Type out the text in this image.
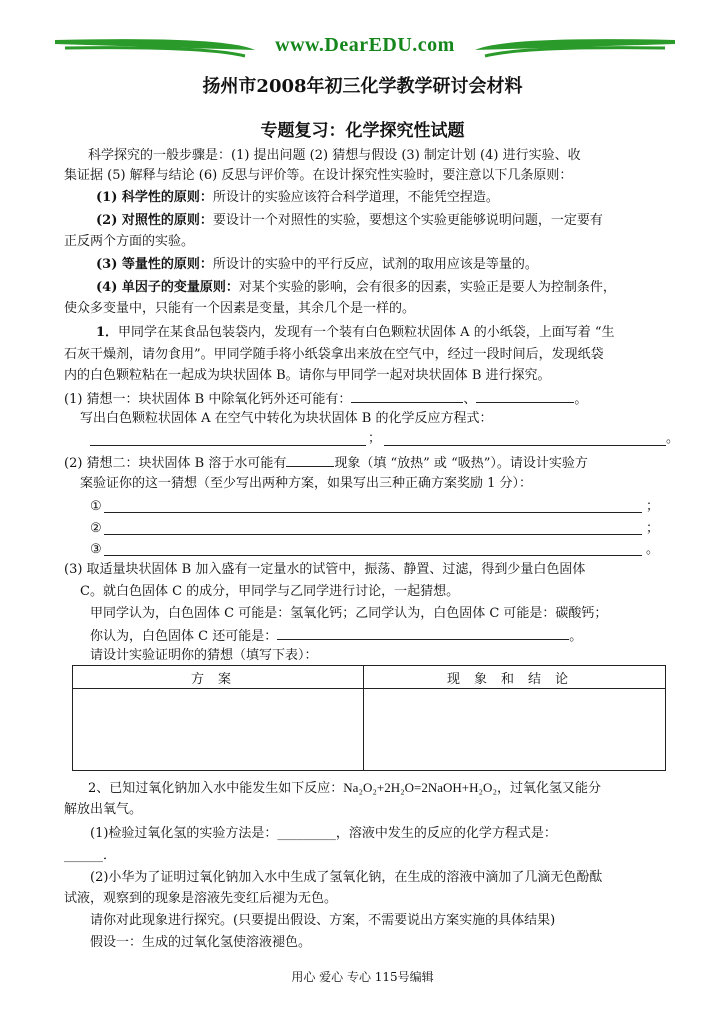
www.DearEDU.com
扬州市2008年初三化学教学研讨会材料
专题复习：化学探究性试题
科学探究的一般步骤是：(1) 提出问题 (2) 猜想与假设 (3) 制定计划 (4) 进行实验、收
集证据 (5) 解释与结论 (6) 反思与评价等。在设计探究性实验时，要注意以下几条原则：
(1) 科学性的原则：所设计的实验应该符合科学道理，不能凭空捏造。
(2) 对照性的原则：要设计一个对照性的实验，要想这个实验更能够说明问题，一定要有
正反两个方面的实验。
(3) 等量性的原则：所设计的实验中的平行反应，试剂的取用应该是等量的。
(4) 单因子的变量原则：对某个实验的影响，会有很多的因素，实验正是要人为控制条件，
使众多变量中，只能有一个因素是变量，其余几个是一样的。
1．甲同学在某食品包装袋内，发现有一个装有白色颗粒状固体 A 的小纸袋，上面写着 “生
石灰干燥剂，请勿食用”。甲同学随手将小纸袋拿出来放在空气中，经过一段时间后，发现纸袋
内的白色颗粒粘在一起成为块状固体 B。请你与甲同学一起对块状固体 B 进行探究。
(1) 猜想一：块状固体 B 中除氧化钙外还可能有：	、	。
写出白色颗粒状固体 A 在空气中转化为块状固体 B 的化学反应方程式：
；	。
(2) 猜想二：块状固体 B 溶于水可能有	现象（填 “放热” 或 “吸热”）。请设计实验方
案验证你的这一猜想（至少写出两种方案，如果写出三种正确方案奖励 1 分）：
①	；
②	；
③	。
(3) 取适量块状固体 B 加入盛有一定量水的试管中，振荡、静置、过滤，得到少量白色固体
C。就白色固体 C 的成分，甲同学与乙同学进行讨论，一起猜想。
甲同学认为，白色固体 C 可能是：氢氧化钙；乙同学认为，白色固体 C 可能是：碳酸钙；
你认为，白色固体 C 还可能是：	。
请设计实验证明你的猜想（填写下表）：
方案	现象和结论

2、已知过氧化钠加入水中能发生如下反应：Na₂O₂+2H₂O=2NaOH+H₂O₂，过氧化氢又能分
解放出氧气。
(1)检验过氧化氢的实验方法是：_________，溶液中发生的反应的化学方程式是：
______．
(2)小华为了证明过氧化钠加入水中生成了氢氧化钠，在生成的溶液中滴加了几滴无色酚酞
试液，观察到的现象是溶液先变红后褪为无色。
请你对此现象进行探究。(只要提出假设、方案，不需要说出方案实施的具体结果)
假设一：生成的过氧化氢使溶液褪色。
用心 爱心 专心 115号编辑
